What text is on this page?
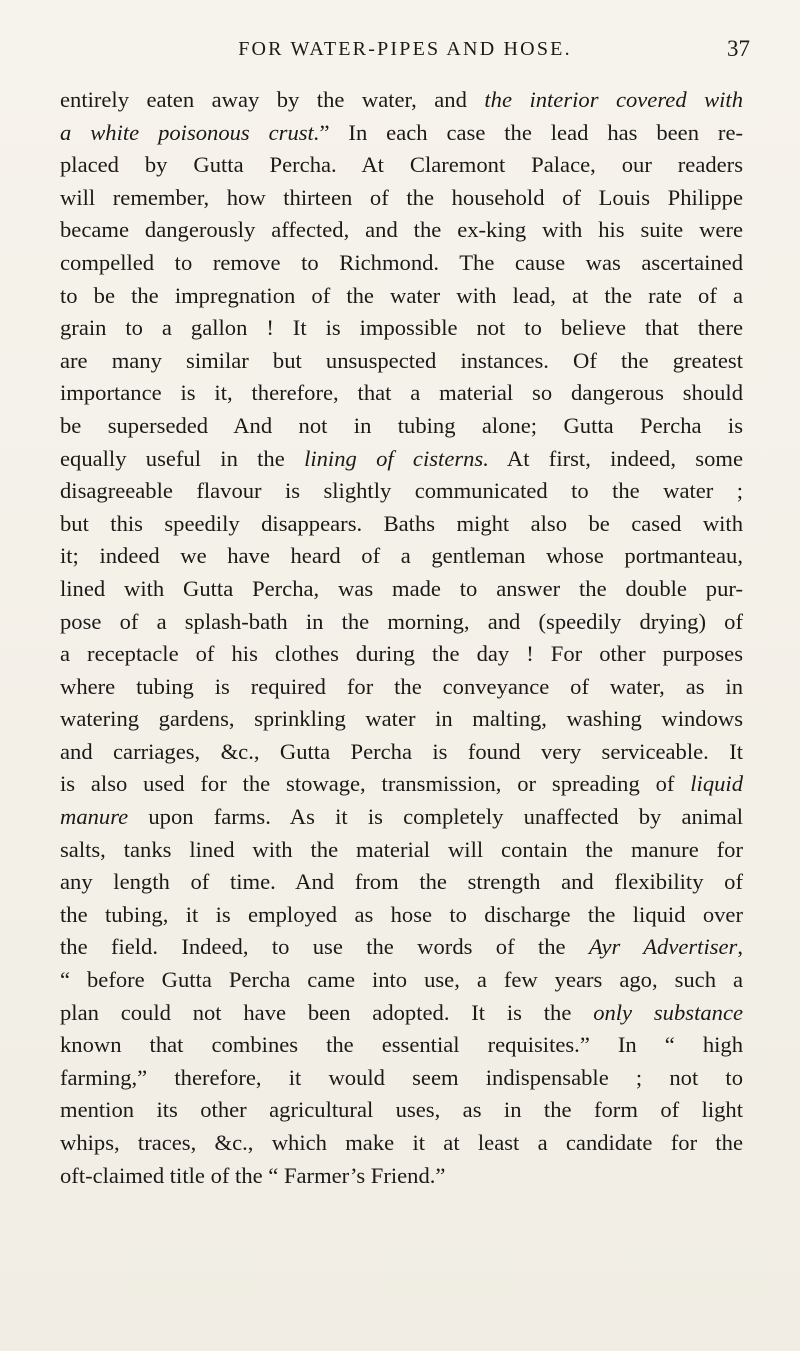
FOR WATER-PIPES AND HOSE.	37
entirely eaten away by the water, and the interior covered with
a white poisonous crust.” In each case the lead has been re-
placed by Gutta Percha. At Claremont Palace, our readers
will remember, how thirteen of the household of Louis Philippe
became dangerously affected, and the ex-king with his suite were
compelled to remove to Richmond. The cause was ascertained
to be the impregnation of the water with lead, at the rate of a
grain to a gallon ! It is impossible not to believe that there
are many similar but unsuspected instances. Of the greatest
importance is it, therefore, that a material so dangerous should
be superseded And not in tubing alone; Gutta Percha is
equally useful in the lining of cisterns. At first, indeed, some
disagreeable flavour is slightly communicated to the water ;
but this speedily disappears. Baths might also be cased with
it; indeed we have heard of a gentleman whose portmanteau,
lined with Gutta Percha, was made to answer the double pur-
pose of a splash-bath in the morning, and (speedily drying) of
a receptacle of his clothes during the day ! For other purposes
where tubing is required for the conveyance of water, as in
watering gardens, sprinkling water in malting, washing windows
and carriages, &c., Gutta Percha is found very serviceable. It
is also used for the stowage, transmission, or spreading of liquid
manure upon farms. As it is completely unaffected by animal
salts, tanks lined with the material will contain the manure for
any length of time. And from the strength and flexibility of
the tubing, it is employed as hose to discharge the liquid over
the field. Indeed, to use the words of the Ayr Advertiser,
“ before Gutta Percha came into use, a few years ago, such a
plan could not have been adopted. It is the only substance
known that combines the essential requisites.” In “ high
farming,” therefore, it would seem indispensable ; not to
mention its other agricultural uses, as in the form of light
whips, traces, &c., which make it at least a candidate for the
oft-claimed title of the “ Farmer’s Friend.”
